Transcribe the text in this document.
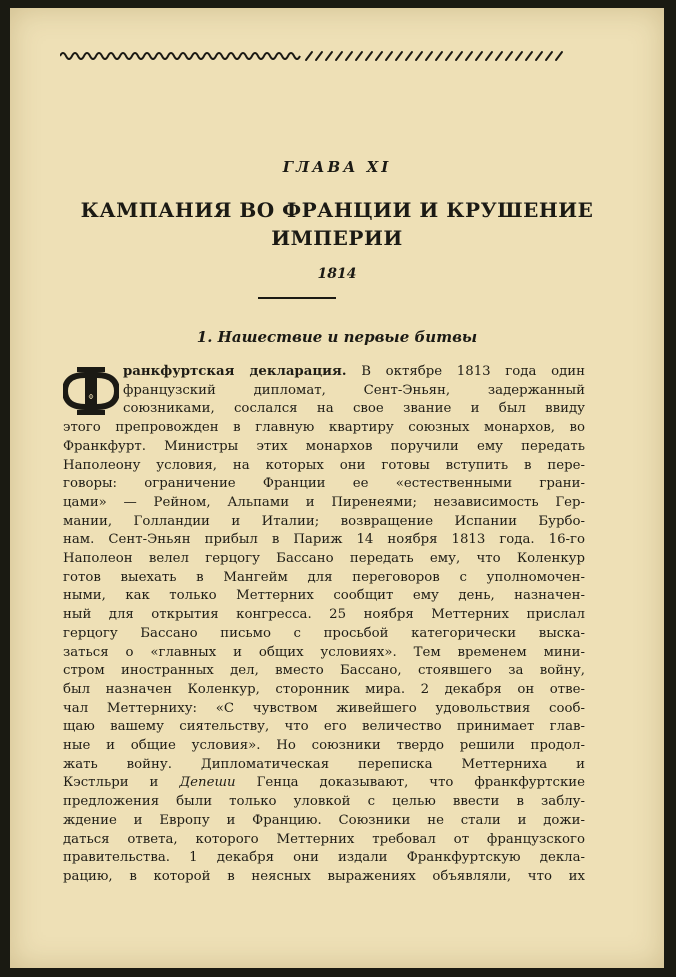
ГЛАВА XI
КАМПАНИЯ ВО ФРАНЦИИ И КРУШЕНИЕ
ИМПЕРИИ
1814
1. Нашествие и первые битвы
Ф
ранкфуртская декларация. В октябре 1813 года один
французский дипломат, Сент-Эньян, задержанный
союзниками, сослался на свое звание и был ввиду
этого препровожден в главную квартиру союзных монархов, во
Франкфурт. Министры этих монархов поручили ему передать
Наполеону условия, на которых они готовы вступить в пере-
говоры: ограничение Франции ее «естественными грани-
цами» — Рейном, Альпами и Пиренеями; независимость Гер-
мании, Голландии и Италии; возвращение Испании Бурбо-
нам. Сент-Эньян прибыл в Париж 14 ноября 1813 года. 16-го
Наполеон велел герцогу Бассано передать ему, что Коленкур
готов выехать в Мангейм для переговоров с уполномочен-
ными, как только Меттерних сообщит ему день, назначен-
ный для открытия конгресса. 25 ноября Меттерних прислал
герцогу Бассано письмо с просьбой категорически выска-
заться о «главных и общих условиях». Тем временем мини-
стром иностранных дел, вместо Бассано, стоявшего за войну,
был назначен Коленкур, сторонник мира. 2 декабря он отве-
чал Меттерниху: «С чувством живейшего удовольствия сооб-
щаю вашему сиятельству, что его величество принимает глав-
ные и общие условия». Но союзники твердо решили продол-
жать войну. Дипломатическая переписка Меттерниха и
Кэстльри и Депеши Генца доказывают, что франкфуртские
предложения были только уловкой с целью ввести в заблу-
ждение и Европу и Францию. Союзники не стали и дожи-
даться ответа, которого Меттерних требовал от французского
правительства. 1 декабря они издали Франкфуртскую декла-
рацию, в которой в неясных выражениях объявляли, что их
